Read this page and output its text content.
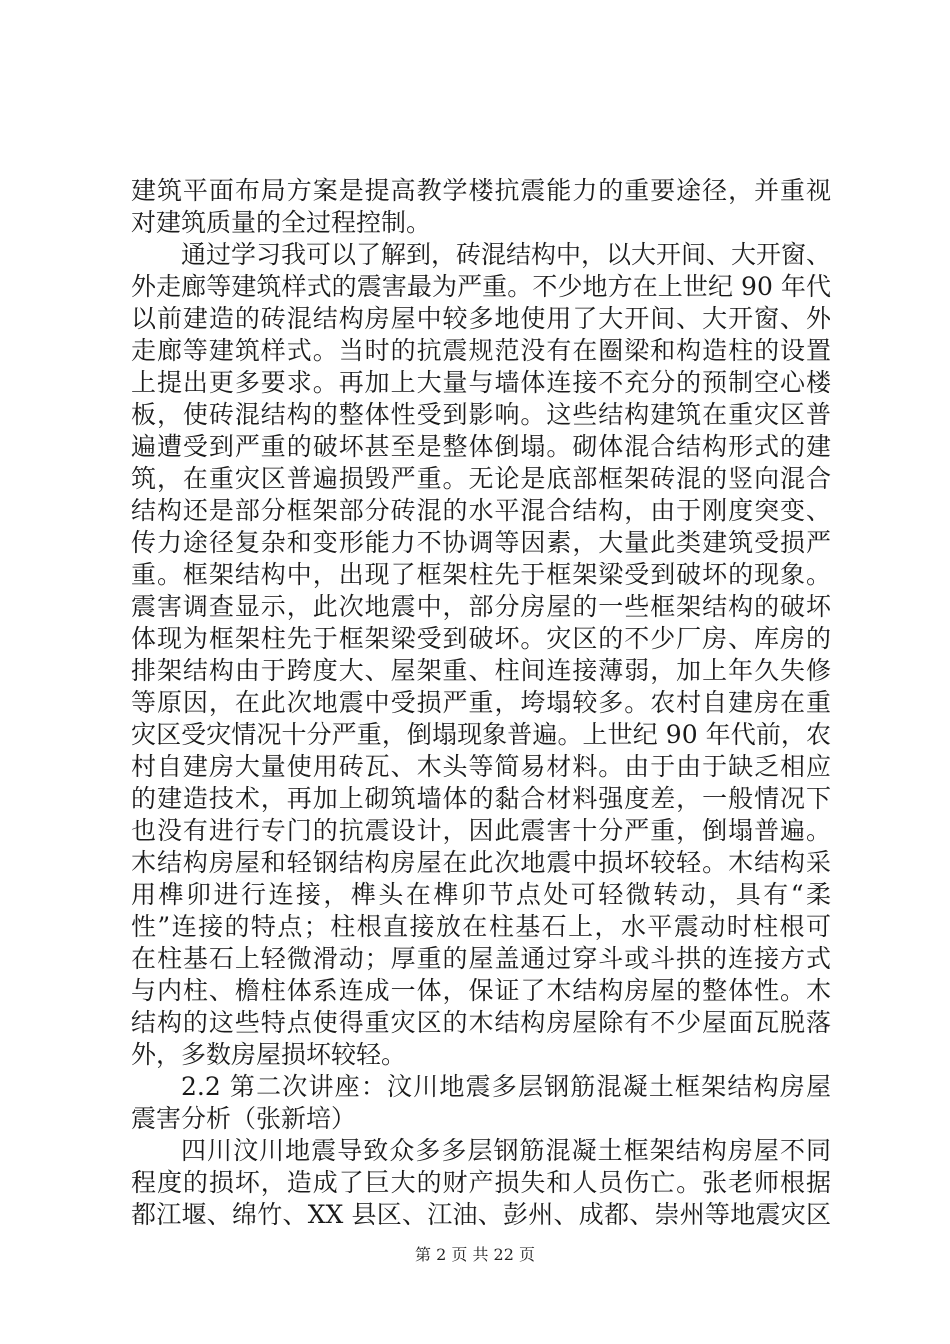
建筑平面布局方案是提高教学楼抗震能力的重要途径，并重视
对建筑质量的全过程控制。
通过学习我可以了解到，砖混结构中，以大开间、大开窗、
外走廊等建筑样式的震害最为严重。不少地方在上世纪 90 年代
以前建造的砖混结构房屋中较多地使用了大开间、大开窗、外
走廊等建筑样式。当时的抗震规范没有在圈梁和构造柱的设置
上提出更多要求。再加上大量与墙体连接不充分的预制空心楼
板，使砖混结构的整体性受到影响。这些结构建筑在重灾区普
遍遭受到严重的破坏甚至是整体倒塌。砌体混合结构形式的建
筑，在重灾区普遍损毁严重。无论是底部框架砖混的竖向混合
结构还是部分框架部分砖混的水平混合结构，由于刚度突变、
传力途径复杂和变形能力不协调等因素，大量此类建筑受损严
重。框架结构中，出现了框架柱先于框架梁受到破坏的现象。
震害调查显示，此次地震中，部分房屋的一些框架结构的破坏
体现为框架柱先于框架梁受到破坏。灾区的不少厂房、库房的
排架结构由于跨度大、屋架重、柱间连接薄弱，加上年久失修
等原因，在此次地震中受损严重，垮塌较多。农村自建房在重
灾区受灾情况十分严重，倒塌现象普遍。上世纪 90 年代前，农
村自建房大量使用砖瓦、木头等简易材料。由于由于缺乏相应
的建造技术，再加上砌筑墙体的黏合材料强度差，一般情况下
也没有进行专门的抗震设计，因此震害十分严重，倒塌普遍。
木结构房屋和轻钢结构房屋在此次地震中损坏较轻。木结构采
用榫卯进行连接，榫头在榫卯节点处可轻微转动，具有“柔
性”连接的特点；柱根直接放在柱基石上，水平震动时柱根可
在柱基石上轻微滑动；厚重的屋盖通过穿斗或斗拱的连接方式
与内柱、檐柱体系连成一体，保证了木结构房屋的整体性。木
结构的这些特点使得重灾区的木结构房屋除有不少屋面瓦脱落
外，多数房屋损坏较轻。
2.2 第二次讲座：汶川地震多层钢筋混凝土框架结构房屋
震害分析（张新培）
四川汶川地震导致众多多层钢筋混凝土框架结构房屋不同
程度的损坏，造成了巨大的财产损失和人员伤亡。张老师根据
都江堰、绵竹、XX 县区、江油、彭州、成都、崇州等地震灾区
第 2 页 共 22 页
